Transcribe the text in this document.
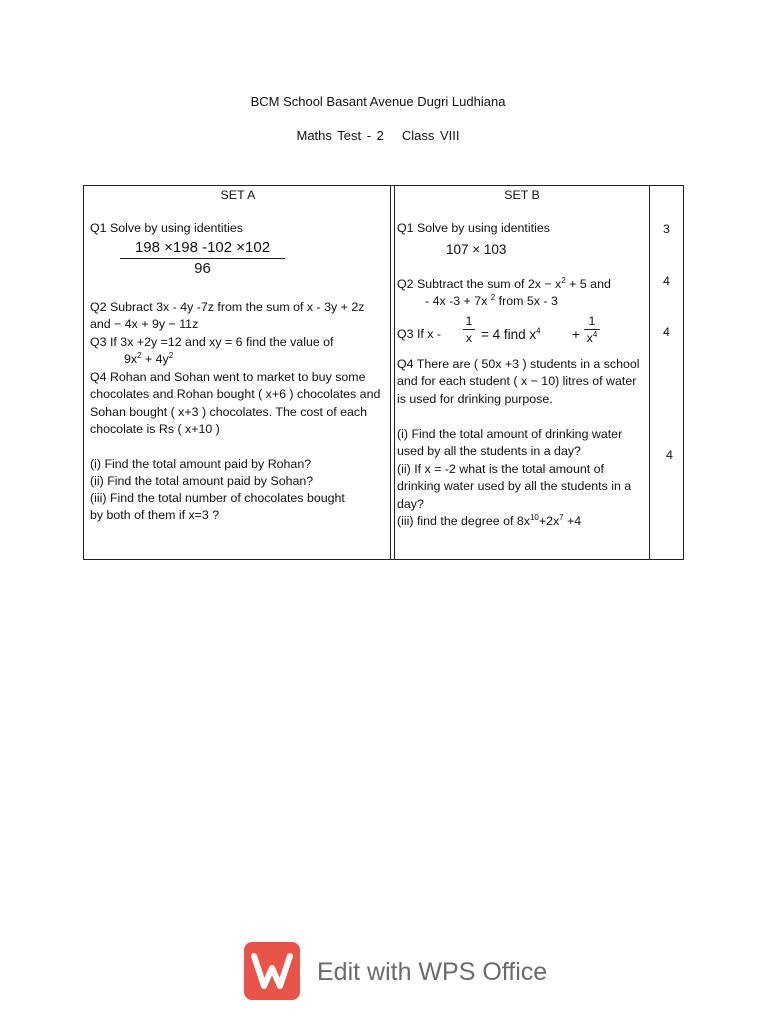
BCM School Basant Avenue Dugri Ludhiana
Maths Test - 2 Class VIII
SET A
Q1 Solve by using identities
198 ×198 -102 ×102
96
Q2 Subract 3x - 4y -7z from the sum of x - 3y + 2z and − 4x + 9y − 11z
Q3 If 3x +2y =12 and xy = 6 find the value of
$9x^2 + 4y^2$
Q4 Rohan and Sohan went to market to buy some chocolates and Rohan bought ( x+6 ) chocolates and Sohan bought ( x+3 ) chocolates. The cost of each chocolate is Rs ( x+10 )
(i) Find the total amount paid by Rohan?
(ii) Find the total amount paid by Sohan?
(iii) Find the total number of chocolates bought by both of them if x=3 ?
SET B
Q1 Solve by using identities
107 × 103
Q2 Subtract the sum of $2x - x^2 + 5$ and
- 4x -3 + 7x $^2$ from 5x - 3
Q3 If x -
1
x = 4 find $x^4$ +
1
$x^4$
Q4 There are ( 50x +3 ) students in a school and for each student ( x − 10) litres of water is used for drinking purpose.
(i) Find the total amount of drinking water used by all the students in a day?
(ii) If x = -2 what is the total amount of drinking water used by all the students in a day?
(iii) find the degree of $8x^{10}+2x^7 +4$
3
4
4
4
Edit with WPS Office
